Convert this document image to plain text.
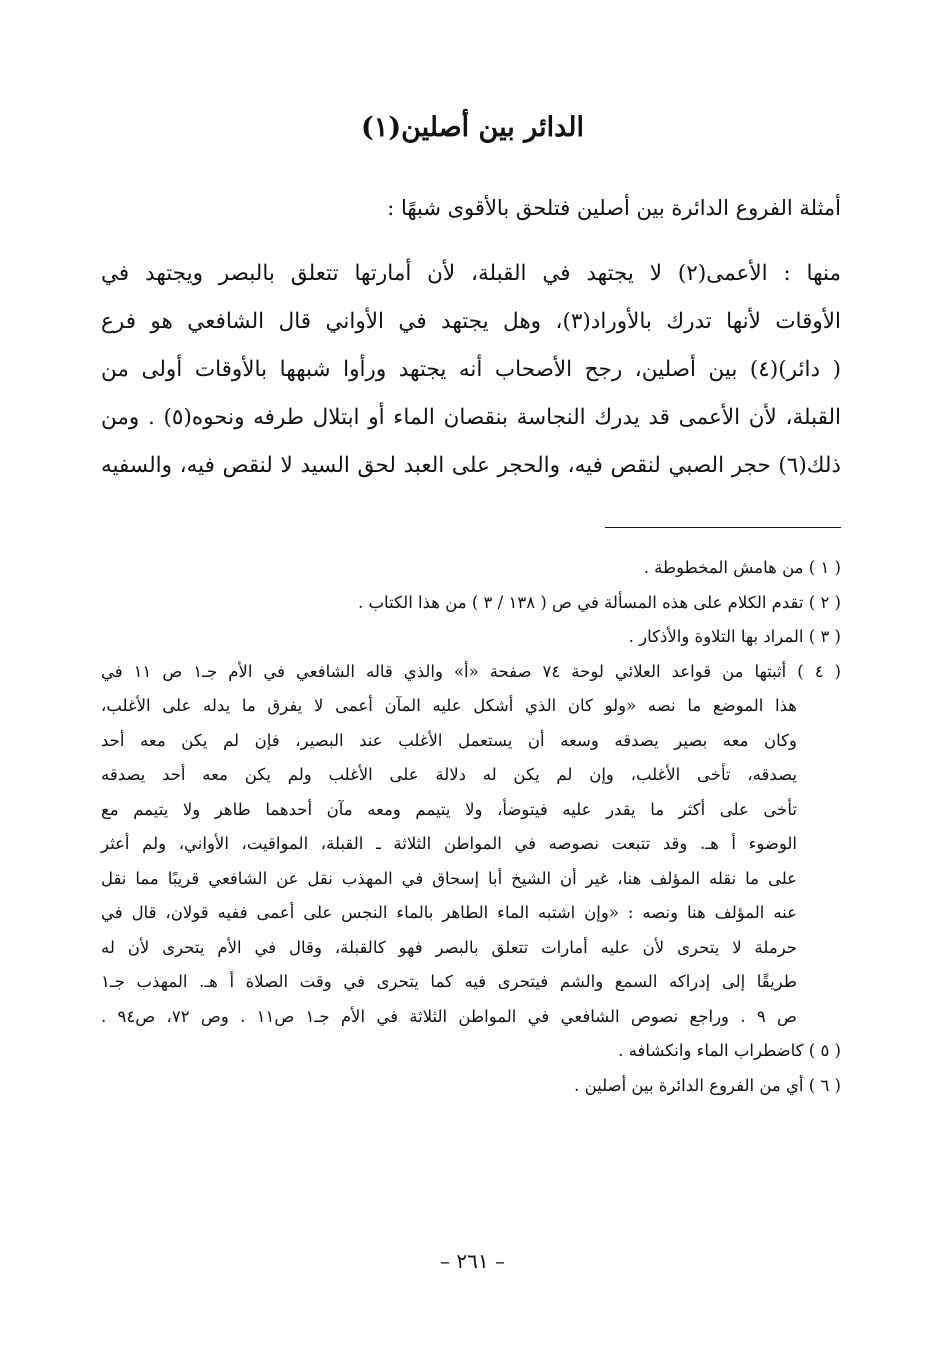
الدائر بين أصلين(١)
أمثلة الفروع الدائرة بين أصلين فتلحق بالأقوى شبهًا :
منها : الأعمى(٢) لا يجتهد في القبلة، لأن أمارتها تتعلق بالبصر ويجتهد في
الأوقات لأنها تدرك بالأوراد(٣)، وهل يجتهد في الأواني قال الشافعي هو فرع
( دائر)(٤) بين أصلين، رجح الأصحاب أنه يجتهد ورأوا شبهها بالأوقات أولى من
القبلة، لأن الأعمى قد يدرك النجاسة بنقصان الماء أو ابتلال طرفه ونحوه(٥) . ومن
ذلك(٦) حجر الصبي لنقص فيه، والحجر على العبد لحق السيد لا لنقص فيه، والسفيه
( ١ ) من هامش المخطوطة .
( ٢ ) تقدم الكلام على هذه المسألة في ص ( ١٣٨ / ٣ ) من هذا الكتاب .
( ٣ ) المراد بها التلاوة والأذكار .
( ٤ ) أثبتها من قواعد العلائي لوحة ٧٤ صفحة «أ» والذي قاله الشافعي في الأم جـ١ ص ١١ في
هذا الموضع ما نصه «ولو كان الذي أشكل عليه المآن أعمى لا يفرق ما يدله على الأغلب،
وكان معه بصير يصدقه وسعه أن يستعمل الأغلب عند البصير، فإن لم يكن معه أحد
يصدقه، تأخى الأغلب، وإن لم يكن له دلالة على الأغلب ولم يكن معه أحد يصدقه
تأخى على أكثر ما يقدر عليه فيتوضأ، ولا يتيمم ومعه مآن أحدهما طاهر ولا يتيمم مع
الوضوء أ هـ. وقد تتبعت نصوصه في المواطن الثلاثة ـ القبلة، المواقيت، الأواني، ولم أعثر
على ما نقله المؤلف هنا، غير أن الشيخ أبا إسحاق في المهذب نقل عن الشافعي قريبًا مما نقل
عنه المؤلف هنا ونصه : «وإن اشتبه الماء الطاهر بالماء النجس على أعمى ففيه قولان، قال في
حرملة لا يتحرى لأن عليه أمارات تتعلق بالبصر فهو كالقبلة، وقال في الأم يتحرى لأن له
طريقًا إلى إدراكه السمع والشم فيتحرى فيه كما يتحرى في وقت الصلاة أ هـ. المهذب جـ١
ص ٩ . وراجع نصوص الشافعي في المواطن الثلاثة في الأم جـ١ ص١١ . وص ٧٢، ص٩٤ .
( ٥ ) كاضطراب الماء وانكشافه .
( ٦ ) أي من الفروع الدائرة بين أصلين .
– ٢٦١ –
